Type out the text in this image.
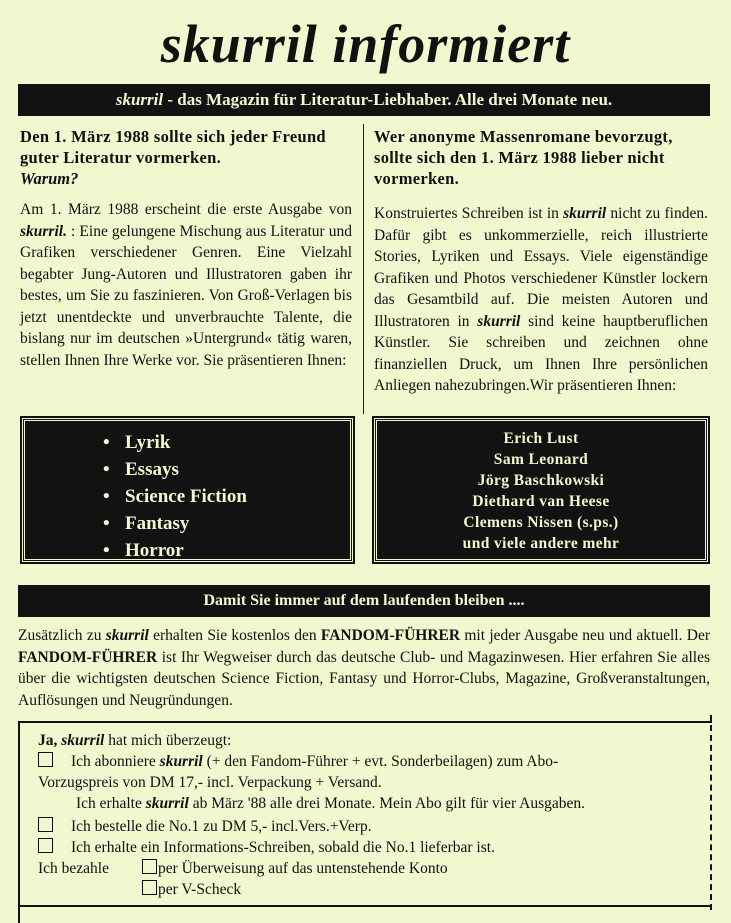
skurril informiert
skurril - das Magazin für Literatur-Liebhaber. Alle drei Monate neu.
Den 1. März 1988 sollte sich jeder Freund guter Literatur vormerken.
Warum?
Am 1. März 1988 erscheint die erste Ausgabe von skurril. : Eine gelungene Mischung aus Literatur und Grafiken verschiedener Genren. Eine Vielzahl begabter Jung-Autoren und Illustratoren gaben ihr bestes, um Sie zu faszinieren. Von Groß-Verlagen bis jetzt unentdeckte und unverbrauchte Talente, die bislang nur im deutschen »Untergrund« tätig waren, stellen Ihnen Ihre Werke vor. Sie präsentieren Ihnen:
Wer anonyme Massenromane bevorzugt, sollte sich den 1. März 1988 lieber nicht vormerken.
Konstruiertes Schreiben ist in skurril nicht zu finden. Dafür gibt es unkommerzielle, reich illustrierte Stories, Lyriken und Essays. Viele eigenständige Grafiken und Photos verschiedener Künstler lockern das Gesamtbild auf. Die meisten Autoren und Illustratoren in skurril sind keine hauptberuflichen Künstler. Sie schreiben und zeichnen ohne finanziellen Druck, um Ihnen Ihre persönlichen Anliegen nahezubringen.Wir präsentieren Ihnen:
• Lyrik
• Essays
• Science Fiction
• Fantasy
• Horror
Erich Lust
Sam Leonard
Jörg Baschkowski
Diethard van Heese
Clemens Nissen (s.ps.)
und viele andere mehr
Damit Sie immer auf dem laufenden bleiben ....
Zusätzlich zu skurril erhalten Sie kostenlos den FANDOM-FÜHRER mit jeder Ausgabe neu und aktuell. Der FANDOM-FÜHRER ist Ihr Wegweiser durch das deutsche Club- und Magazinwesen. Hier erfahren Sie alles über die wichtigsten deutschen Science Fiction, Fantasy und Horror-Clubs, Magazine, Großveranstaltungen, Auflösungen und Neugründungen.
Ja, skurril hat mich überzeugt:
Ich abonniere skurril (+ den Fandom-Führer + evt. Sonderbeilagen) zum Abo-
Vorzugspreis von DM 17,- incl. Verpackung + Versand.
Ich erhalte skurril ab März '88 alle drei Monate. Mein Abo gilt für vier Ausgaben.
Ich bestelle die No.1 zu DM 5,- incl.Vers.+Verp.
Ich erhalte ein Informations-Schreiben, sobald die No.1 lieferbar ist.
Ich bezahle	per Überweisung auf das untenstehende Konto
per V-Scheck
